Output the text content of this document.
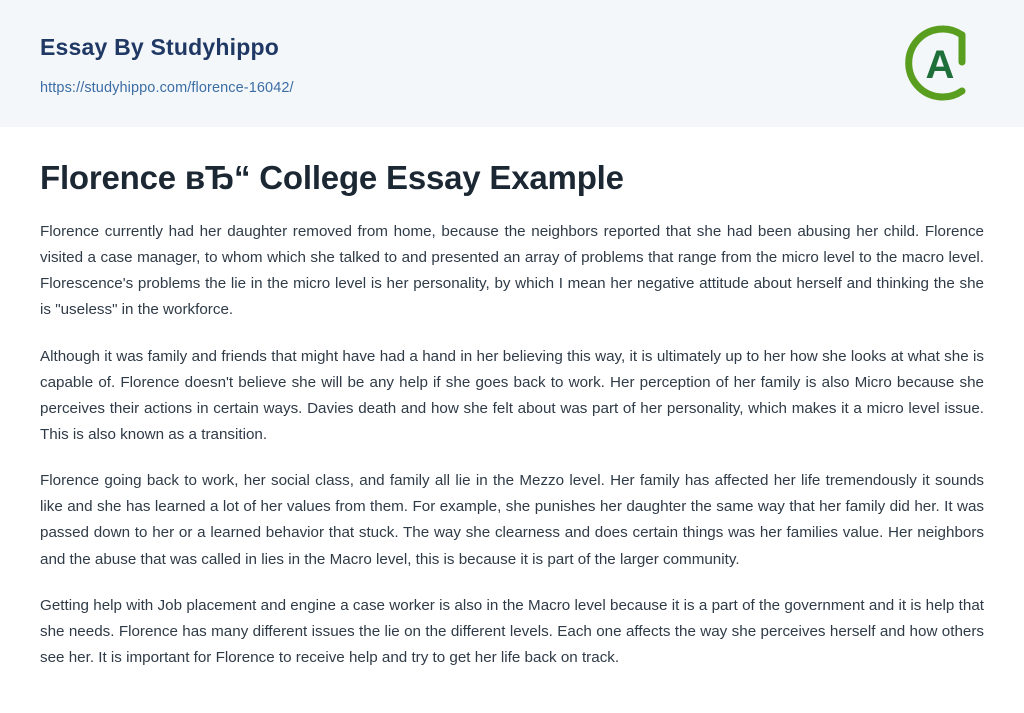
Essay By Studyhippo
https://studyhippo.com/florence-16042/
A
Florence вЂ“ College Essay Example

Florence currently had her daughter removed from home, because the neighbors reported that she had been abusing her child. Florence visited a case manager, to whom which she talked to and presented an array of problems that range from the micro level to the macro level. Florescence's problems the lie in the micro level is her personality, by which I mean her negative attitude about herself and thinking the she is "useless" in the workforce.

Although it was family and friends that might have had a hand in her believing this way, it is ultimately up to her how she looks at what she is capable of. Florence doesn't believe she will be any help if she goes back to work. Her perception of her family is also Micro because she perceives their actions in certain ways. Davies death and how she felt about was part of her personality, which makes it a micro level issue. This is also known as a transition.

Florence going back to work, her social class, and family all lie in the Mezzo level. Her family has affected her life tremendously it sounds like and she has learned a lot of her values from them. For example, she punishes her daughter the same way that her family did her. It was passed down to her or a learned behavior that stuck. The way she clearness and does certain things was her families value. Her neighbors and the abuse that was called in lies in the Macro level, this is because it is part of the larger community.

Getting help with Job placement and engine a case worker is also in the Macro level because it is a part of the government and it is help that she needs. Florence has many different issues the lie on the different levels. Each one affects the way she perceives herself and how others see her. It is important for Florence to receive help and try to get her life back on track.
